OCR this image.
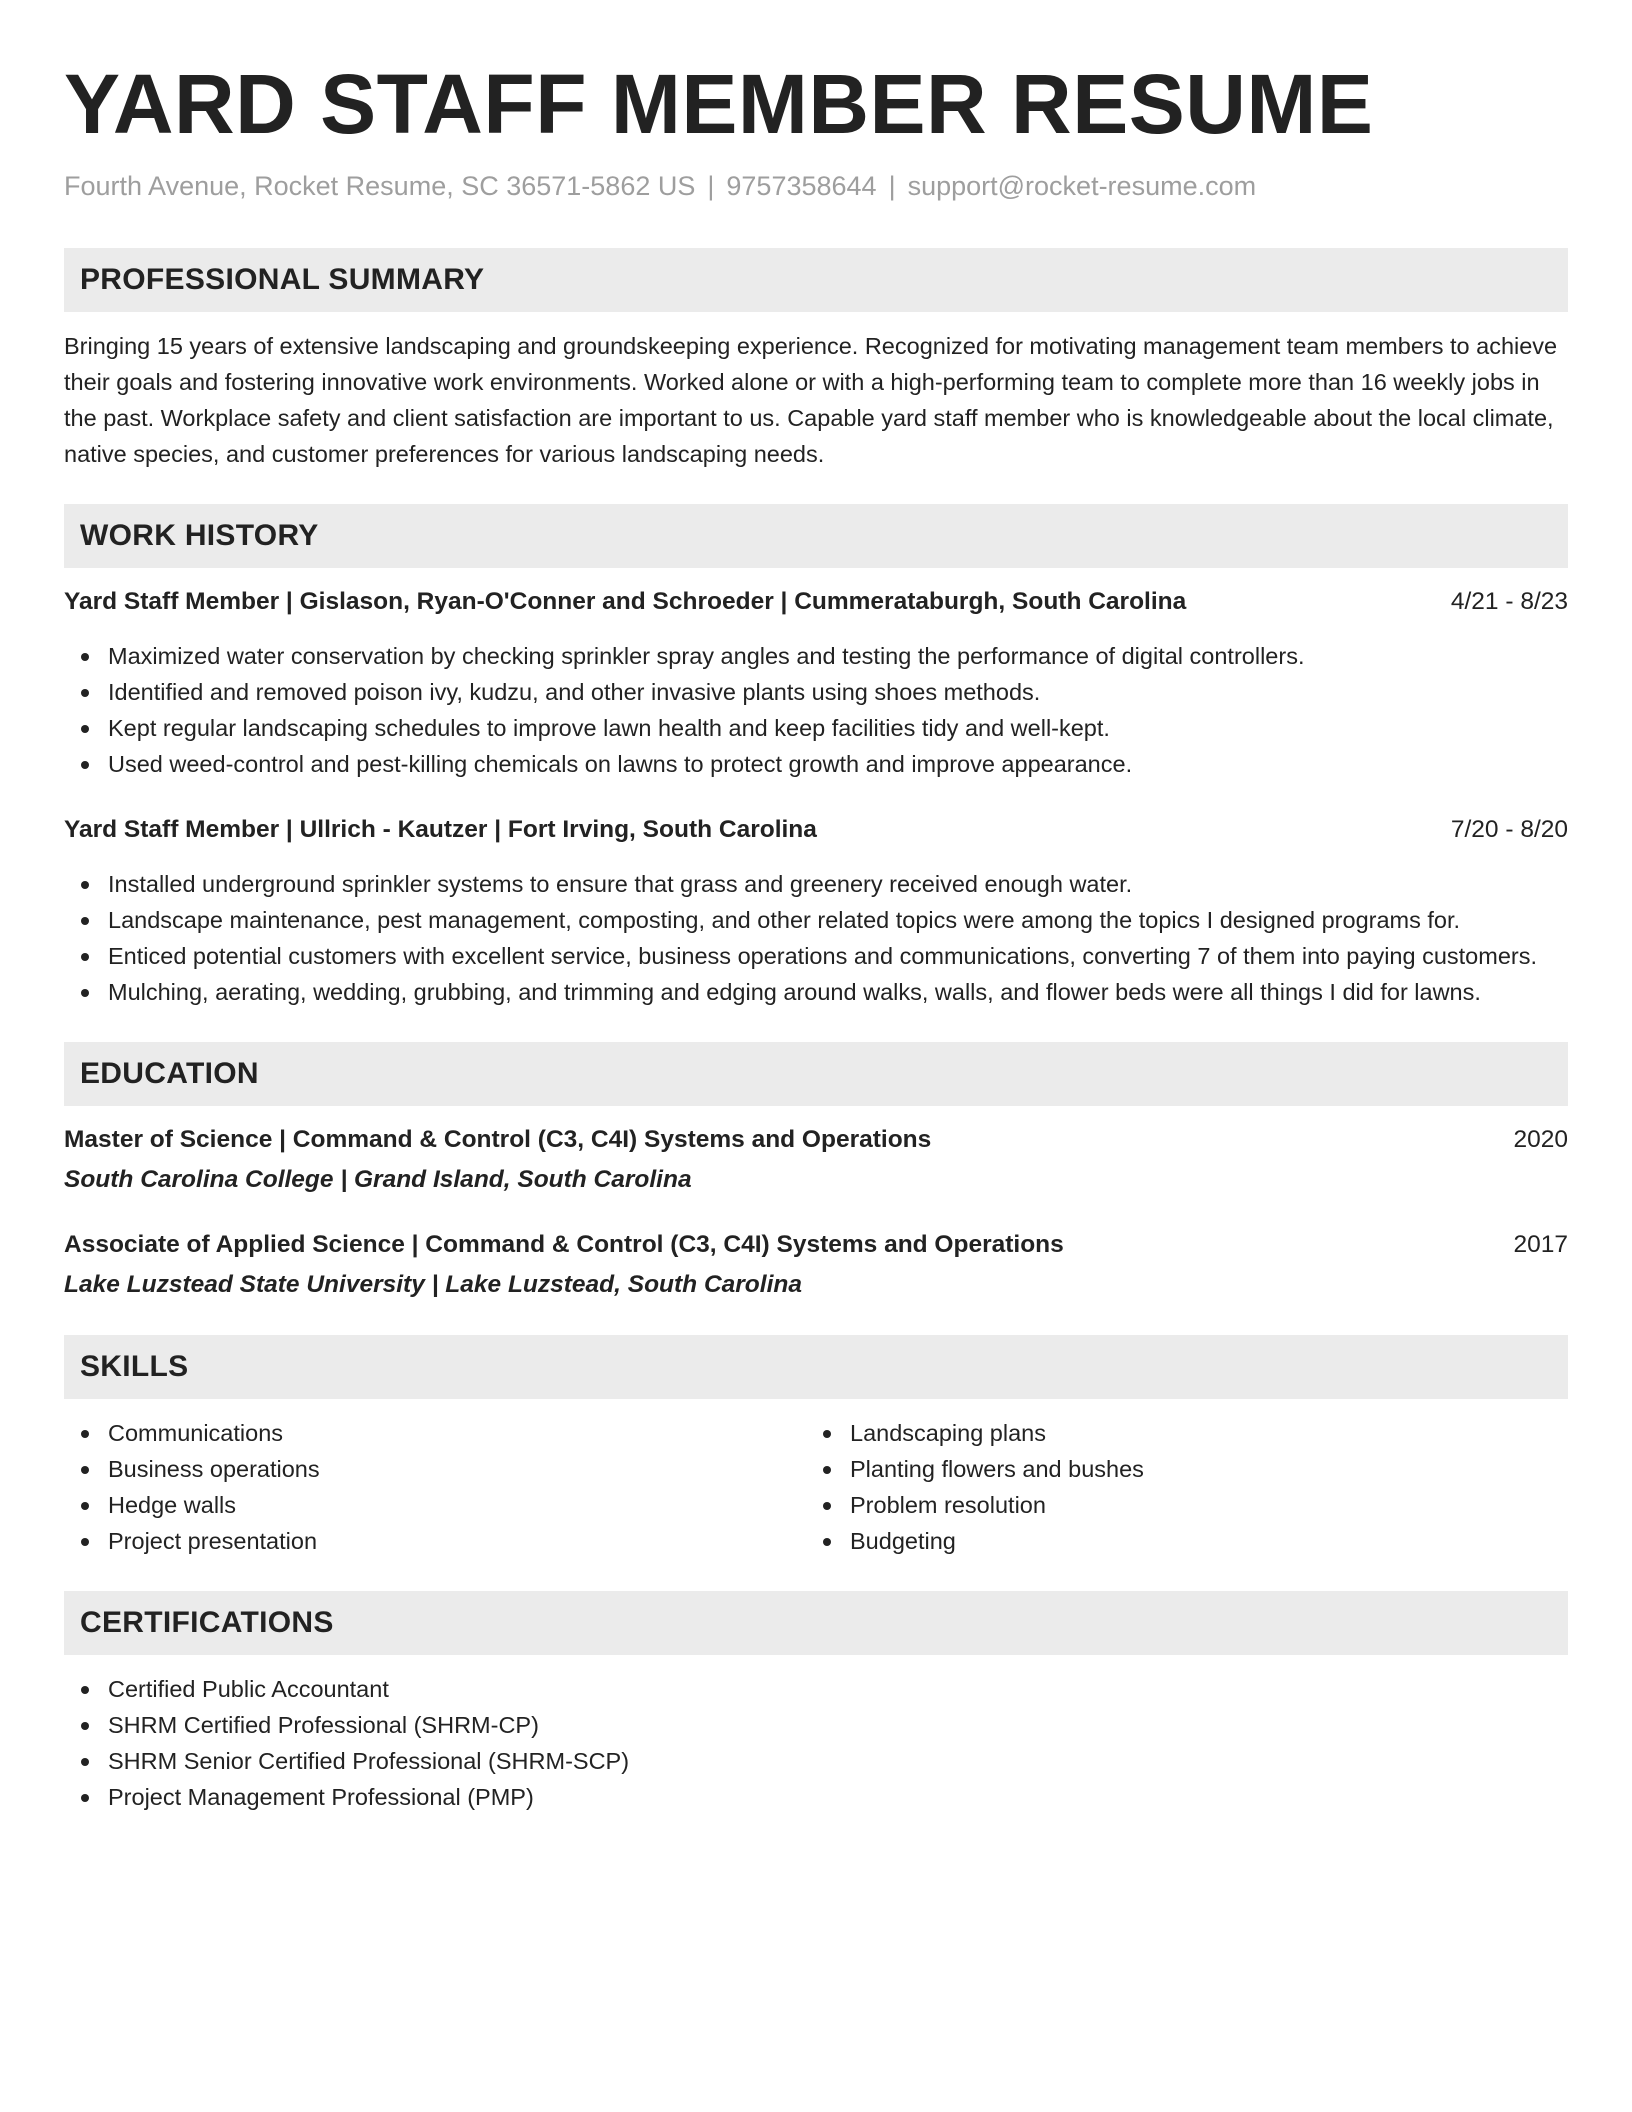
YARD STAFF MEMBER RESUME
Fourth Avenue, Rocket Resume, SC 36571-5862 US | 9757358644 | support@rocket-resume.com
PROFESSIONAL SUMMARY
Bringing 15 years of extensive landscaping and groundskeeping experience. Recognized for motivating management team members to achieve their goals and fostering innovative work environments. Worked alone or with a high-performing team to complete more than 16 weekly jobs in the past. Workplace safety and client satisfaction are important to us. Capable yard staff member who is knowledgeable about the local climate, native species, and customer preferences for various landscaping needs.
WORK HISTORY
Yard Staff Member | Gislason, Ryan-O'Conner and Schroeder | Cummerataburgh, South Carolina	4/21 - 8/23
Maximized water conservation by checking sprinkler spray angles and testing the performance of digital controllers.
Identified and removed poison ivy, kudzu, and other invasive plants using shoes methods.
Kept regular landscaping schedules to improve lawn health and keep facilities tidy and well-kept.
Used weed-control and pest-killing chemicals on lawns to protect growth and improve appearance.
Yard Staff Member | Ullrich - Kautzer | Fort Irving, South Carolina	7/20 - 8/20
Installed underground sprinkler systems to ensure that grass and greenery received enough water.
Landscape maintenance, pest management, composting, and other related topics were among the topics I designed programs for.
Enticed potential customers with excellent service, business operations and communications, converting 7 of them into paying customers.
Mulching, aerating, wedding, grubbing, and trimming and edging around walks, walls, and flower beds were all things I did for lawns.
EDUCATION
Master of Science | Command & Control (C3, C4I) Systems and Operations	2020
South Carolina College | Grand Island, South Carolina
Associate of Applied Science | Command & Control (C3, C4I) Systems and Operations	2017
Lake Luzstead State University | Lake Luzstead, South Carolina
SKILLS
Communications
Business operations
Hedge walls
Project presentation
Landscaping plans
Planting flowers and bushes
Problem resolution
Budgeting
CERTIFICATIONS
Certified Public Accountant
SHRM Certified Professional (SHRM-CP)
SHRM Senior Certified Professional (SHRM-SCP)
Project Management Professional (PMP)
